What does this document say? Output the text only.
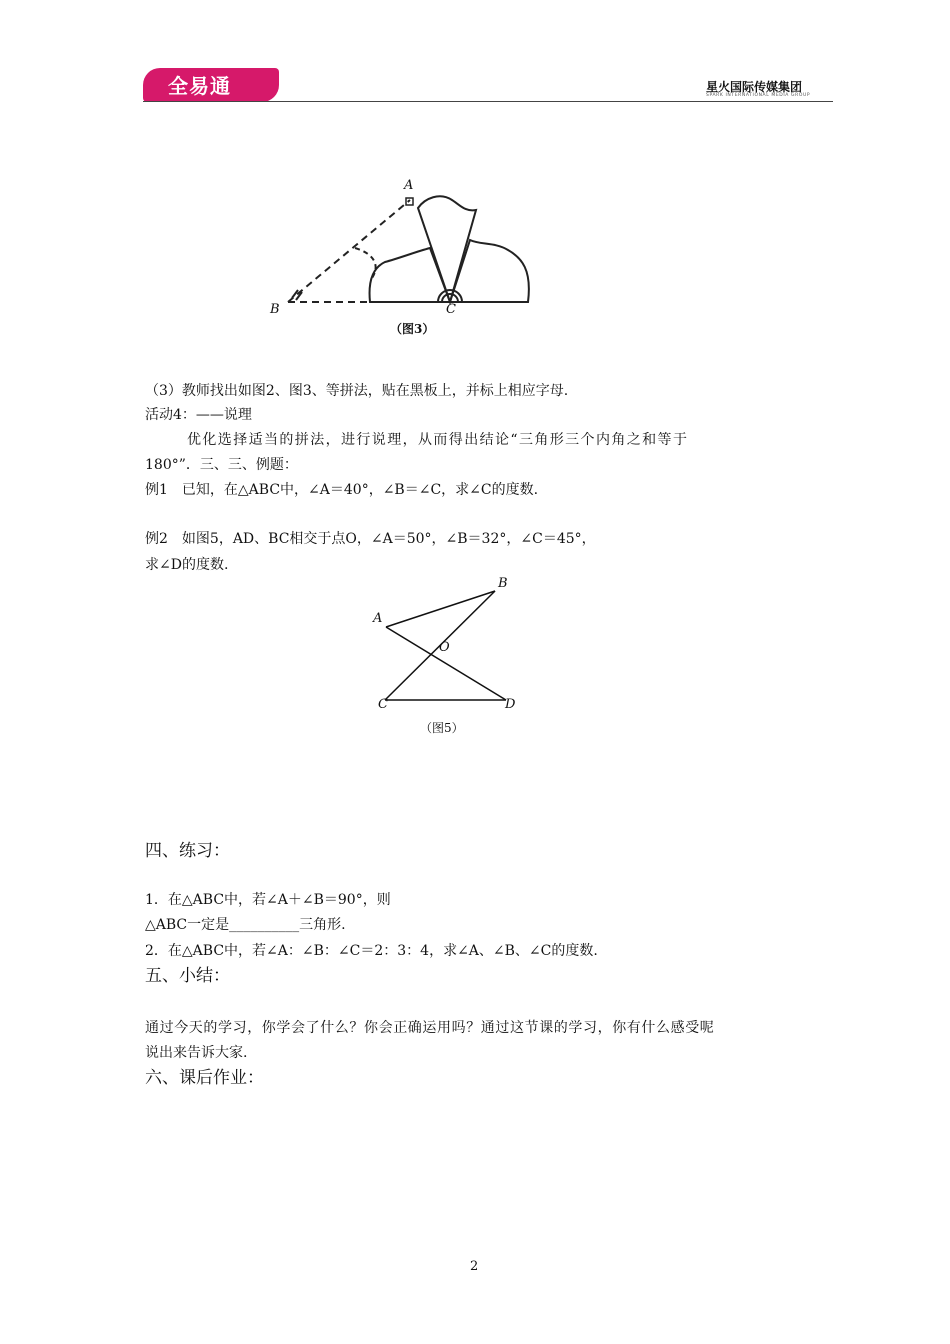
全易通	星火国际传媒集团
SPARK INTERNATIONAL MEDIA GROUP
A
B	C
（图3）
（3）教师找出如图2、图3、等拼法，贴在黑板上，并标上相应字母.
活动4：——说理
优化选择适当的拼法，进行说理，从而得出结论“三角形三个内角之和等于
180°”．三、三、例题：
例1　已知，在△ABC中，∠A＝40°，∠B＝∠C，求∠C的度数.
例2　如图5，AD、BC相交于点O，∠A＝50°，∠B＝32°，∠C＝45°，
求∠D的度数.
B
A
O
C	D
（图5）
四、练习：
1．在△ABC中，若∠A＋∠B＝90°，则
△ABC一定是__________三角形.
2．在△ABC中，若∠A：∠B：∠C＝2：3：4，求∠A、∠B、∠C的度数.
五、小结：
通过今天的学习，你学会了什么？你会正确运用吗？通过这节课的学习，你有什么感受呢
说出来告诉大家.
六、课后作业：
2
